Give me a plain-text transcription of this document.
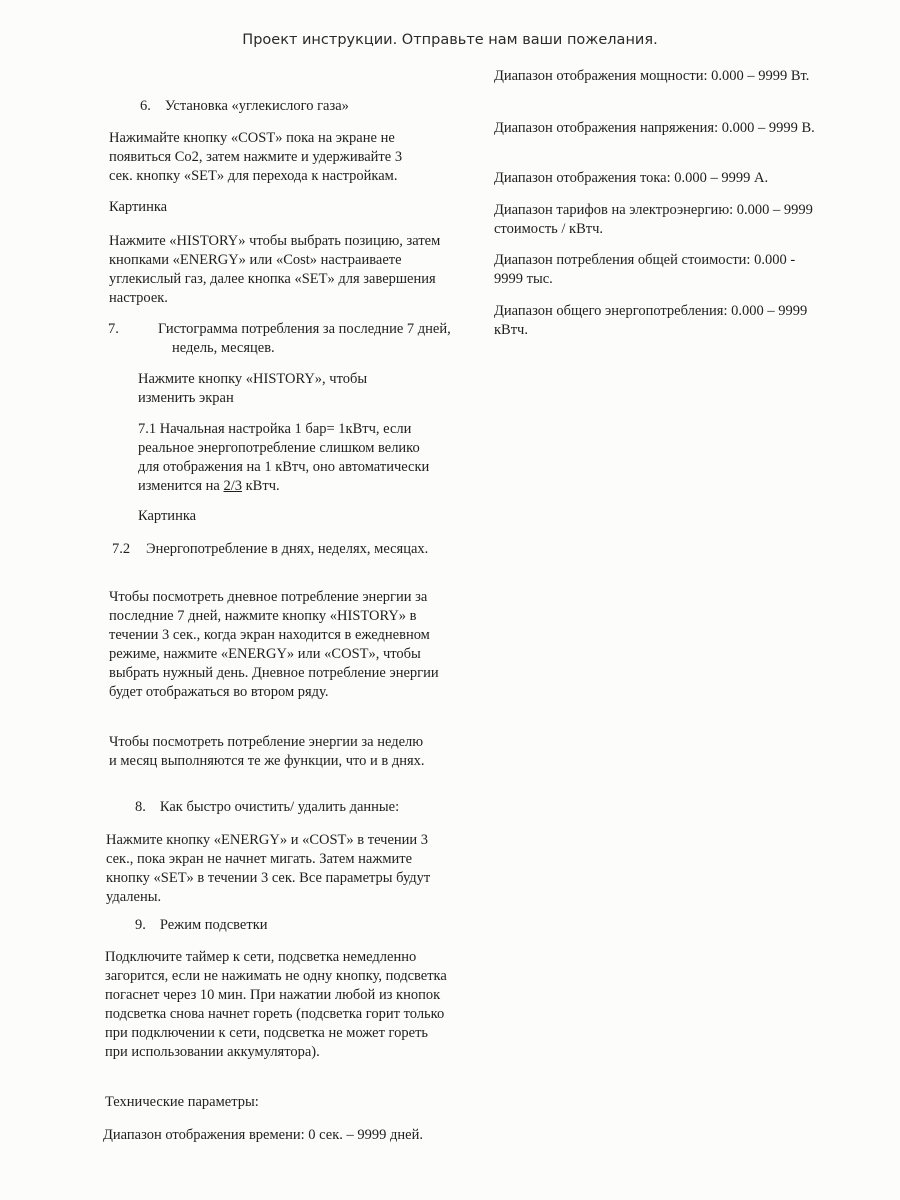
Проект инструкции. Отправьте нам ваши пожелания.
6. Установка «углекислого газа»

Нажимайте кнопку «COST» пока на экране не появиться Co2, затем нажмите и удерживайте 3 сек. кнопку «SET» для перехода к настройкам.

Картинка

Нажмите «HISTORY» чтобы выбрать позицию, затем кнопками «ENERGY» или «Cost» настраиваете углекислый газ, далее кнопка «SET» для завершения настроек.

7.	Гистограмма потребления за последние 7 дней, недель, месяцев.

Нажмите кнопку «HISTORY», чтобы изменить экран

7.1 Начальная настройка 1 бар= 1кВтч, если реальное энергопотребление слишком велико для отображения на 1 кВтч, оно автоматически изменится на 2/3 кВтч.

Картинка

7.2 Энергопотребление в днях, неделях, месяцах.

Чтобы посмотреть дневное потребление энергии за последние 7 дней, нажмите кнопку «HISTORY» в течении 3 сек., когда экран находится в ежедневном режиме, нажмите «ENERGY» или «COST», чтобы выбрать нужный день. Дневное потребление энергии будет отображаться во втором ряду.

Чтобы посмотреть потребление энергии за неделю и месяц выполняются те же функции, что и в днях.

8. Как быстро очистить/ удалить данные:

Нажмите кнопку «ENERGY» и «COST» в течении 3 сек., пока экран не начнет мигать. Затем нажмите кнопку «SET» в течении 3 сек. Все параметры будут удалены.

9. Режим подсветки

Подключите таймер к сети, подсветка немедленно загорится, если не нажимать не одну кнопку, подсветка погаснет через 10 мин. При нажатии любой из кнопок подсветка снова начнет гореть (подсветка горит только при подключении к сети, подсветка не может гореть при использовании аккумулятора).

Технические параметры:

Диапазон отображения времени: 0 сек. – 9999 дней.

Диапазон отображения мощности: 0.000 – 9999 Вт.

Диапазон отображения напряжения: 0.000 – 9999 В.

Диапазон отображения тока: 0.000 – 9999 А.

Диапазон тарифов на электроэнергию: 0.000 – 9999 стоимость / кВтч.

Диапазон потребления общей стоимости: 0.000 - 9999 тыс.

Диапазон общего энергопотребления: 0.000 – 9999 кВтч.
